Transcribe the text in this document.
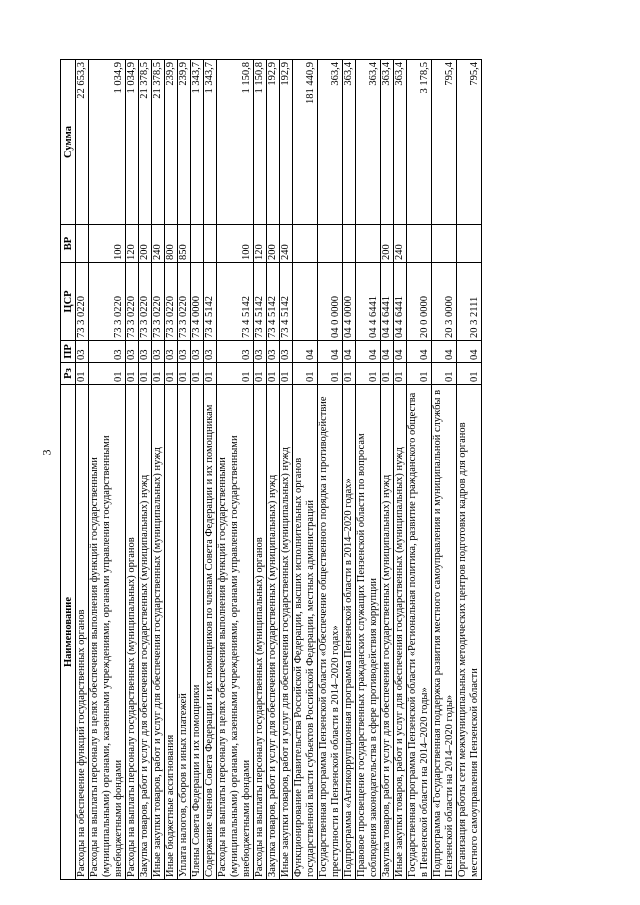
3
Наименование	Рз	ПР	ЦСР	ВР	Сумма
Расходы на обеспечение функций государственных органов	01	03	73 3 0220		22 653,3
Расходы на выплаты персоналу в целях обеспечения выполнения функций государственными (муниципальными) органами, казенными учреждениями, органами управления государственными внебюджетными фондами	01	03	73 3 0220	100	1 034,9
Расходы на выплаты персоналу государственных (муниципальных) органов	01	03	73 3 0220	120	1 034,9
Закупка товаров, работ и услуг для обеспечения государственных (муниципальных) нужд	01	03	73 3 0220	200	21 378,5
Иные закупки товаров, работ и услуг для обеспечения государственных (муниципальных) нужд	01	03	73 3 0220	240	21 378,5
Иные бюджетные ассигнования	01	03	73 3 0220	800	239,9
Уплата налогов, сборов и иных платежей	01	03	73 3 0220	850	239,9
Члены Совета Федерации и их помощники	01	03	73 4 0000		1 343,7
Содержание членов Совета Федерации и их помощников по членам Совета Федерации и их помощникам	01	03	73 4 5142		1 343,7
Расходы на выплаты персоналу в целях обеспечения выполнения функций государственными (муниципальными) органами, казенными учреждениями, органами управления государственными внебюджетными фондами	01	03	73 4 5142	100	1 150,8
Расходы на выплаты персоналу государственных (муниципальных) органов	01	03	73 4 5142	120	1 150,8
Закупка товаров, работ и услуг для обеспечения государственных (муниципальных) нужд	01	03	73 4 5142	200	192,9
Иные закупки товаров, работ и услуг для обеспечения государственных (муниципальных) нужд	01	03	73 4 5142	240	192,9
Функционирование Правительства Российской Федерации, высших исполнительных органов государственной власти субъектов Российской Федерации, местных администраций	01	04			181 440,9
Государственная программа Пензенской области «Обеспечение общественного порядка и противодействие преступности в Пензенской области в 2014–2020 годах»	01	04	04 0 0000		363,4
Подпрограмма «Антикоррупционная программа Пензенской области в 2014–2020 годах»	01	04	04 4 0000		363,4
Правовое просвещение государственных гражданских служащих Пензенской области по вопросам соблюдения законодательства в сфере противодействия коррупции	01	04	04 4 6441		363,4
Закупка товаров, работ и услуг для обеспечения государственных (муниципальных) нужд	01	04	04 4 6441	200	363,4
Иные закупки товаров, работ и услуг для обеспечения государственных (муниципальных) нужд	01	04	04 4 6441	240	363,4
Государственная программа Пензенской области «Региональная политика, развитие гражданского общества в Пензенской области на 2014–2020 годы»	01	04	20 0 0000		3 178,5
Подпрограмма «Государственная поддержка развития местного самоуправления и муниципальной службы в Пензенской области на 2014–2020 годы»	01	04	20 3 0000		795,4
Организация работы сети межмуниципальных методических центров подготовки кадров для органов местного самоуправления Пензенской области	01	04	20 3 2111		795,4
